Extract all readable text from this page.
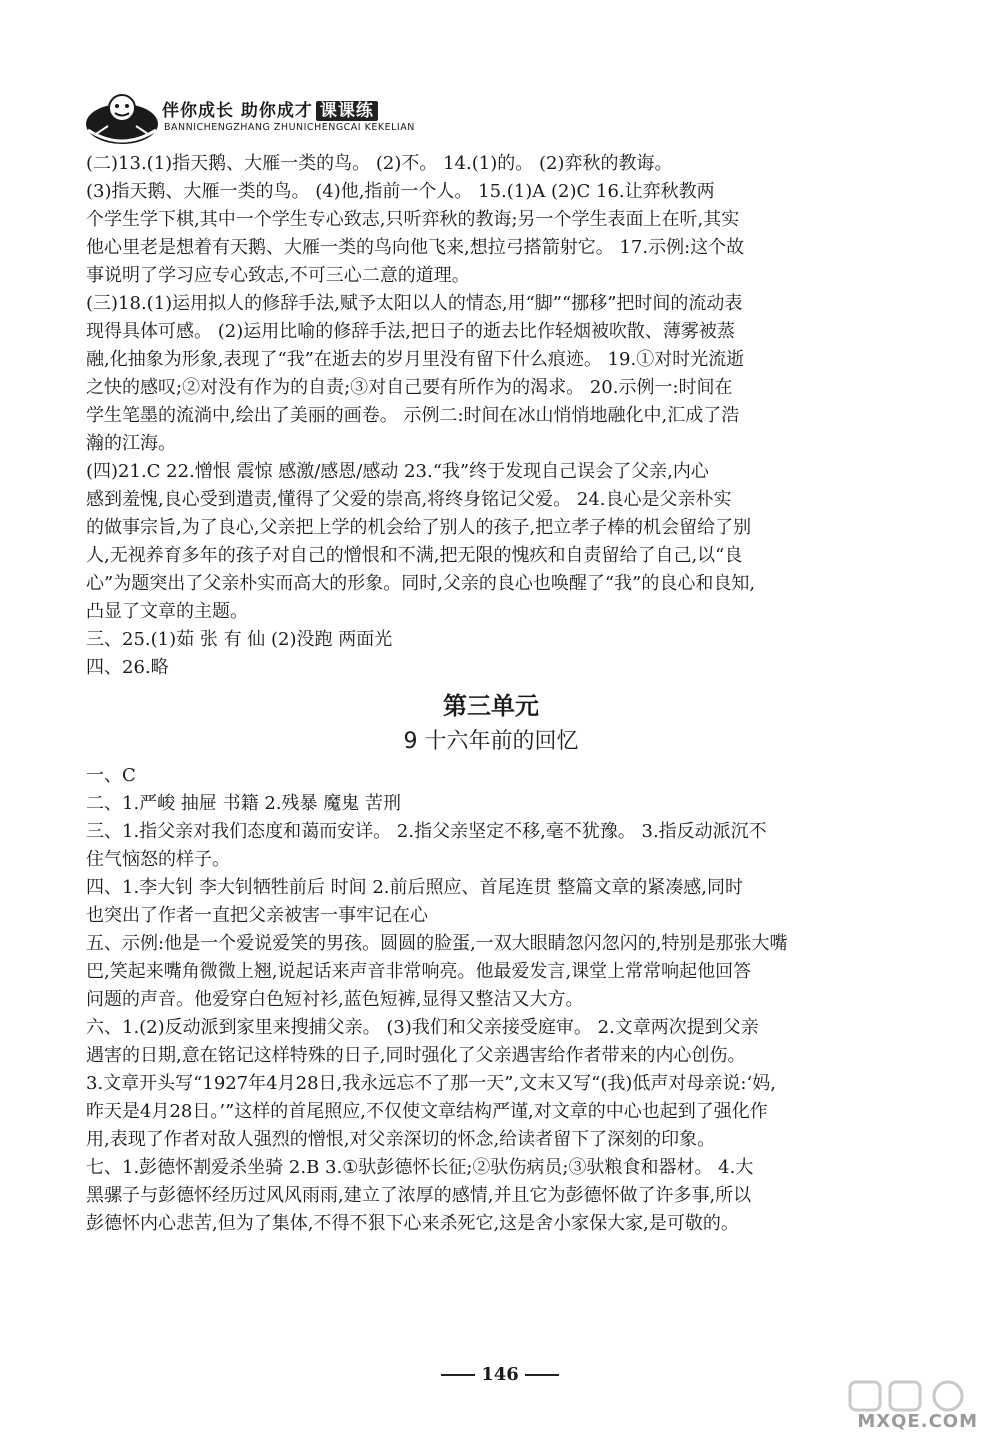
伴你成长 助你成才 课课练
BANNICHENGZHANG ZHUNICHENGCAI KEKELIAN
(二)13.(1)指天鹅、大雁一类的鸟。 (2)不。 14.(1)的。 (2)弈秋的教诲。
(3)指天鹅、大雁一类的鸟。 (4)他,指前一个人。 15.(1)A (2)C 16.让弈秋教两
个学生学下棋,其中一个学生专心致志,只听弈秋的教诲;另一个学生表面上在听,其实
他心里老是想着有天鹅、大雁一类的鸟向他飞来,想拉弓搭箭射它。 17.示例:这个故
事说明了学习应专心致志,不可三心二意的道理。
(三)18.(1)运用拟人的修辞手法,赋予太阳以人的情态,用“脚”“挪移”把时间的流动表
现得具体可感。 (2)运用比喻的修辞手法,把日子的逝去比作轻烟被吹散、薄雾被蒸
融,化抽象为形象,表现了“我”在逝去的岁月里没有留下什么痕迹。 19.①对时光流逝
之快的感叹;②对没有作为的自责;③对自己要有所作为的渴求。 20.示例一:时间在
学生笔墨的流淌中,绘出了美丽的画卷。 示例二:时间在冰山悄悄地融化中,汇成了浩
瀚的江海。
(四)21.C 22.憎恨 震惊 感激/感恩/感动 23.“我”终于发现自己误会了父亲,内心
感到羞愧,良心受到遣责,懂得了父爱的崇高,将终身铭记父爱。 24.良心是父亲朴实
的做事宗旨,为了良心,父亲把上学的机会给了别人的孩子,把立孝子棒的机会留给了别
人,无视养育多年的孩子对自己的憎恨和不满,把无限的愧疚和自责留给了自己,以“良
心”为题突出了父亲朴实而高大的形象。同时,父亲的良心也唤醒了“我”的良心和良知,
凸显了文章的主题。
三、25.(1)茹 张 有 仙 (2)没跑 两面光
四、26.略
第三单元
9 十六年前的回忆
一、C
二、1.严峻 抽屉 书籍 2.残暴 魔鬼 苦刑
三、1.指父亲对我们态度和蔼而安详。 2.指父亲坚定不移,毫不犹豫。 3.指反动派沉不
住气恼怒的样子。
四、1.李大钊 李大钊牺牲前后 时间 2.前后照应、首尾连贯 整篇文章的紧凑感,同时
也突出了作者一直把父亲被害一事牢记在心
五、示例:他是一个爱说爱笑的男孩。圆圆的脸蛋,一双大眼睛忽闪忽闪的,特别是那张大嘴
巴,笑起来嘴角微微上翘,说起话来声音非常响亮。他最爱发言,课堂上常常响起他回答
问题的声音。他爱穿白色短衬衫,蓝色短裤,显得又整洁又大方。
六、1.(2)反动派到家里来搜捕父亲。 (3)我们和父亲接受庭审。 2.文章两次提到父亲
遇害的日期,意在铭记这样特殊的日子,同时强化了父亲遇害给作者带来的内心创伤。
3.文章开头写“1927年4月28日,我永远忘不了那一天”,文末又写“(我)低声对母亲说:‘妈,
昨天是4月28日。’”这样的首尾照应,不仅使文章结构严谨,对文章的中心也起到了强化作
用,表现了作者对敌人强烈的憎恨,对父亲深切的怀念,给读者留下了深刻的印象。
七、1.彭德怀割爱杀坐骑 2.B 3.①驮彭德怀长征;②驮伤病员;③驮粮食和器材。 4.大
黑骡子与彭德怀经历过风风雨雨,建立了浓厚的感情,并且它为彭德怀做了许多事,所以
彭德怀内心悲苦,但为了集体,不得不狠下心来杀死它,这是舍小家保大家,是可敬的。
146
MXQE.COM
